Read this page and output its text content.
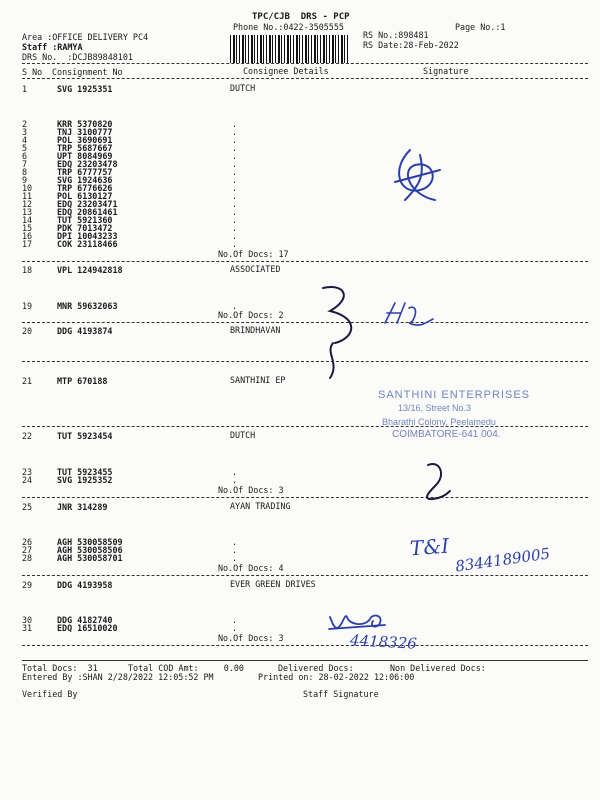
TPC/CJB  DRS - PCP
Phone No.:0422-3505555	Page No.:1
Area :OFFICE DELIVERY PC4
Staff :RAMYA
DRS No.  :DCJB89848101
RS No.:898481
RS Date:28-Feb-2022
S No Consignment No	Consignee Details	Signature
1	SVG 1925351	DUTCH
2	KRR 5370820	.
3	TNJ 3100777	.
4	POL 3690691	.
5	TRP 5687667	.
6	UPT 8084969	.
7	EDQ 23203478	.
8	TRP 6777757	.
9	SVG 1924636	.
10	TRP 6776626	.
11	POL 6130127	.
12	EDQ 23203471	.
13	EDQ 20861461	.
14	TUT 5921360	.
15	PDK 7013472	.
16	DPI 10043233	.
17	COK 23118466	.
No.Of Docs: 17
18	VPL 124942818	ASSOCIATED
19	MNR 59632063	.
No.Of Docs: 2
20	DDG 4193874	BRINDHAVAN
21	MTP 670188	SANTHINI EP
22	TUT 5923454	DUTCH
23	TUT 5923455	.
24	SVG 1925352	.
No.Of Docs: 3
25	JNR 314289	AYAN TRADING
26	AGH 530058509	.
27	AGH 530058506	.
28	AGH 530058701	.
No.Of Docs: 4
29	DDG 4193958	EVER GREEN DRIVES
30	DDG 4182740	.
31	EDQ 16510020	.
No.Of Docs: 3
Total Docs:  31	Total COD Amt:     0.00	Delivered Docs:	Non Delivered Docs:
Entered By :SHAN 2/28/2022 12:05:52 PM	Printed on: 28-02-2022 12:06:00
Verified By	Staff Signature
SANTHINI ENTERPRISES
13/16, Street No.3
Bharathi Colony, Peelamedu
COIMBATORE-641 004.
T&I 8344189005
4418326
